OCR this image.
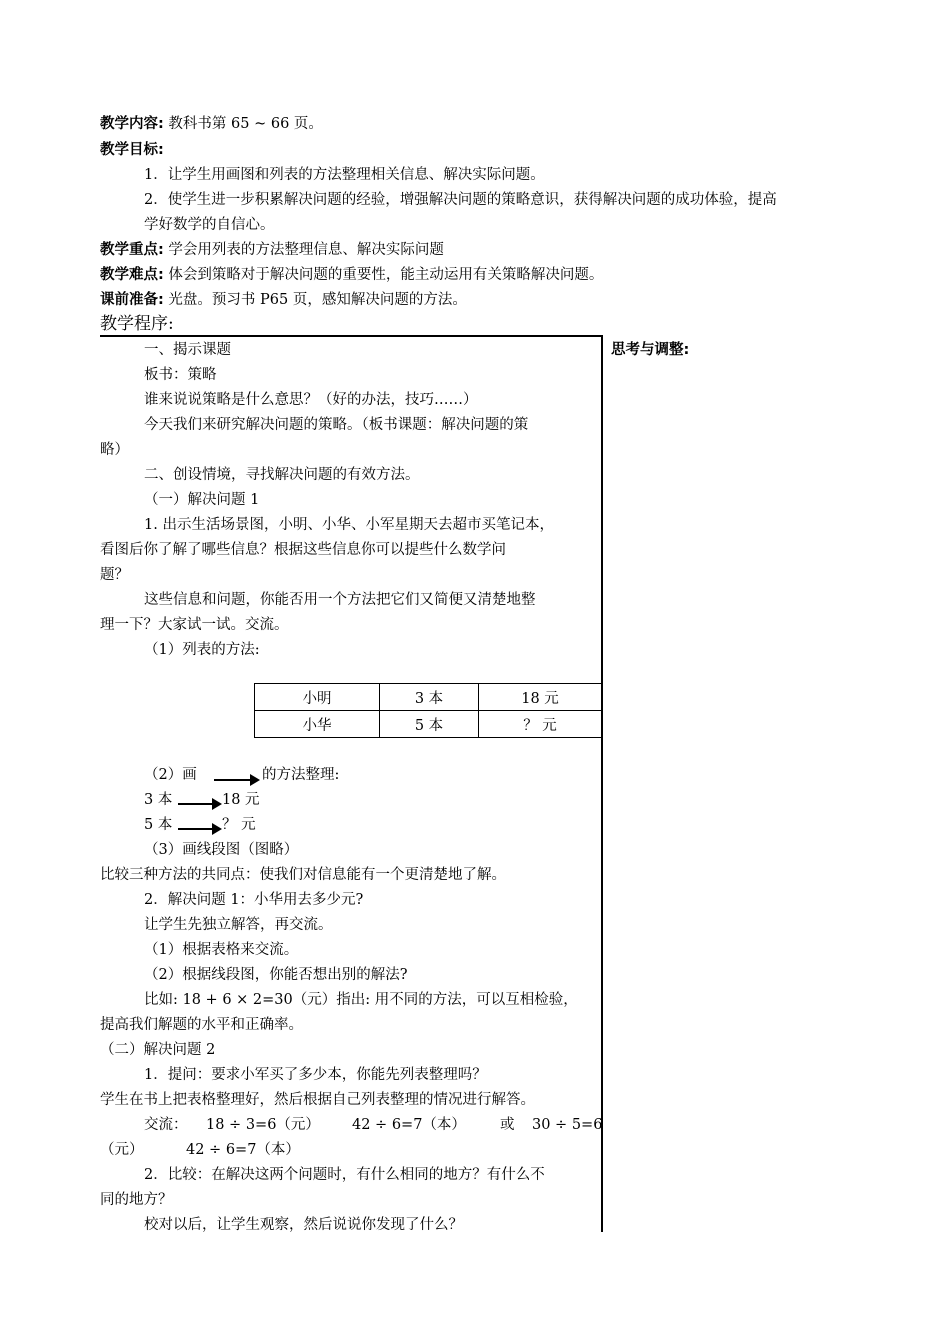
教学内容: 教科书第 65 ~ 66 页。
教学目标:
1．让学生用画图和列表的方法整理相关信息、解决实际问题。
2．使学生进一步积累解决问题的经验，增强解决问题的策略意识，获得解决问题的成功体验，提高
学好数学的自信心。
教学重点: 学会用列表的方法整理信息、解决实际问题
教学难点: 体会到策略对于解决问题的重要性，能主动运用有关策略解决问题。
课前准备: 光盘。预习书 P65 页，感知解决问题的方法。
教学程序:
思考与调整:
一、揭示课题
板书：策略
谁来说说策略是什么意思？（好的办法，技巧……）
今天我们来研究解决问题的策略。（板书课题：解决问题的策
略）
二、创设情境，寻找解决问题的有效方法。
（一）解决问题 1
1. 出示生活场景图，小明、小华、小军星期天去超市买笔记本，
看图后你了解了哪些信息？根据这些信息你可以提些什么数学问
题？
这些信息和问题，你能否用一个方法把它们又简便又清楚地整
理一下？大家试一试。交流。
（1）列表的方法:
小明	3 本	18 元
小华	5 本	？ 元
（2）画	的方法整理:
3 本	18 元
5 本	？ 元
（3）画线段图（图略）
比较三种方法的共同点：使我们对信息能有一个更清楚地了解。
2．解决问题 1：小华用去多少元?
让学生先独立解答，再交流。
（1）根据表格来交流。
（2）根据线段图，你能否想出别的解法?
比如: 18 + 6 × 2=30（元）指出: 用不同的方法，可以互相检验，
提高我们解题的水平和正确率。
（二）解决问题 2
1．提问：要求小军买了多少本，你能先列表整理吗？
学生在书上把表格整理好，然后根据自己列表整理的情况进行解答。
交流： 18 ÷ 3=6（元） 42 ÷ 6=7（本） 或 30 ÷ 5=6
（元）	42 ÷ 6=7（本）
2．比较：在解决这两个问题时，有什么相同的地方？有什么不
同的地方？
校对以后，让学生观察，然后说说你发现了什么？
